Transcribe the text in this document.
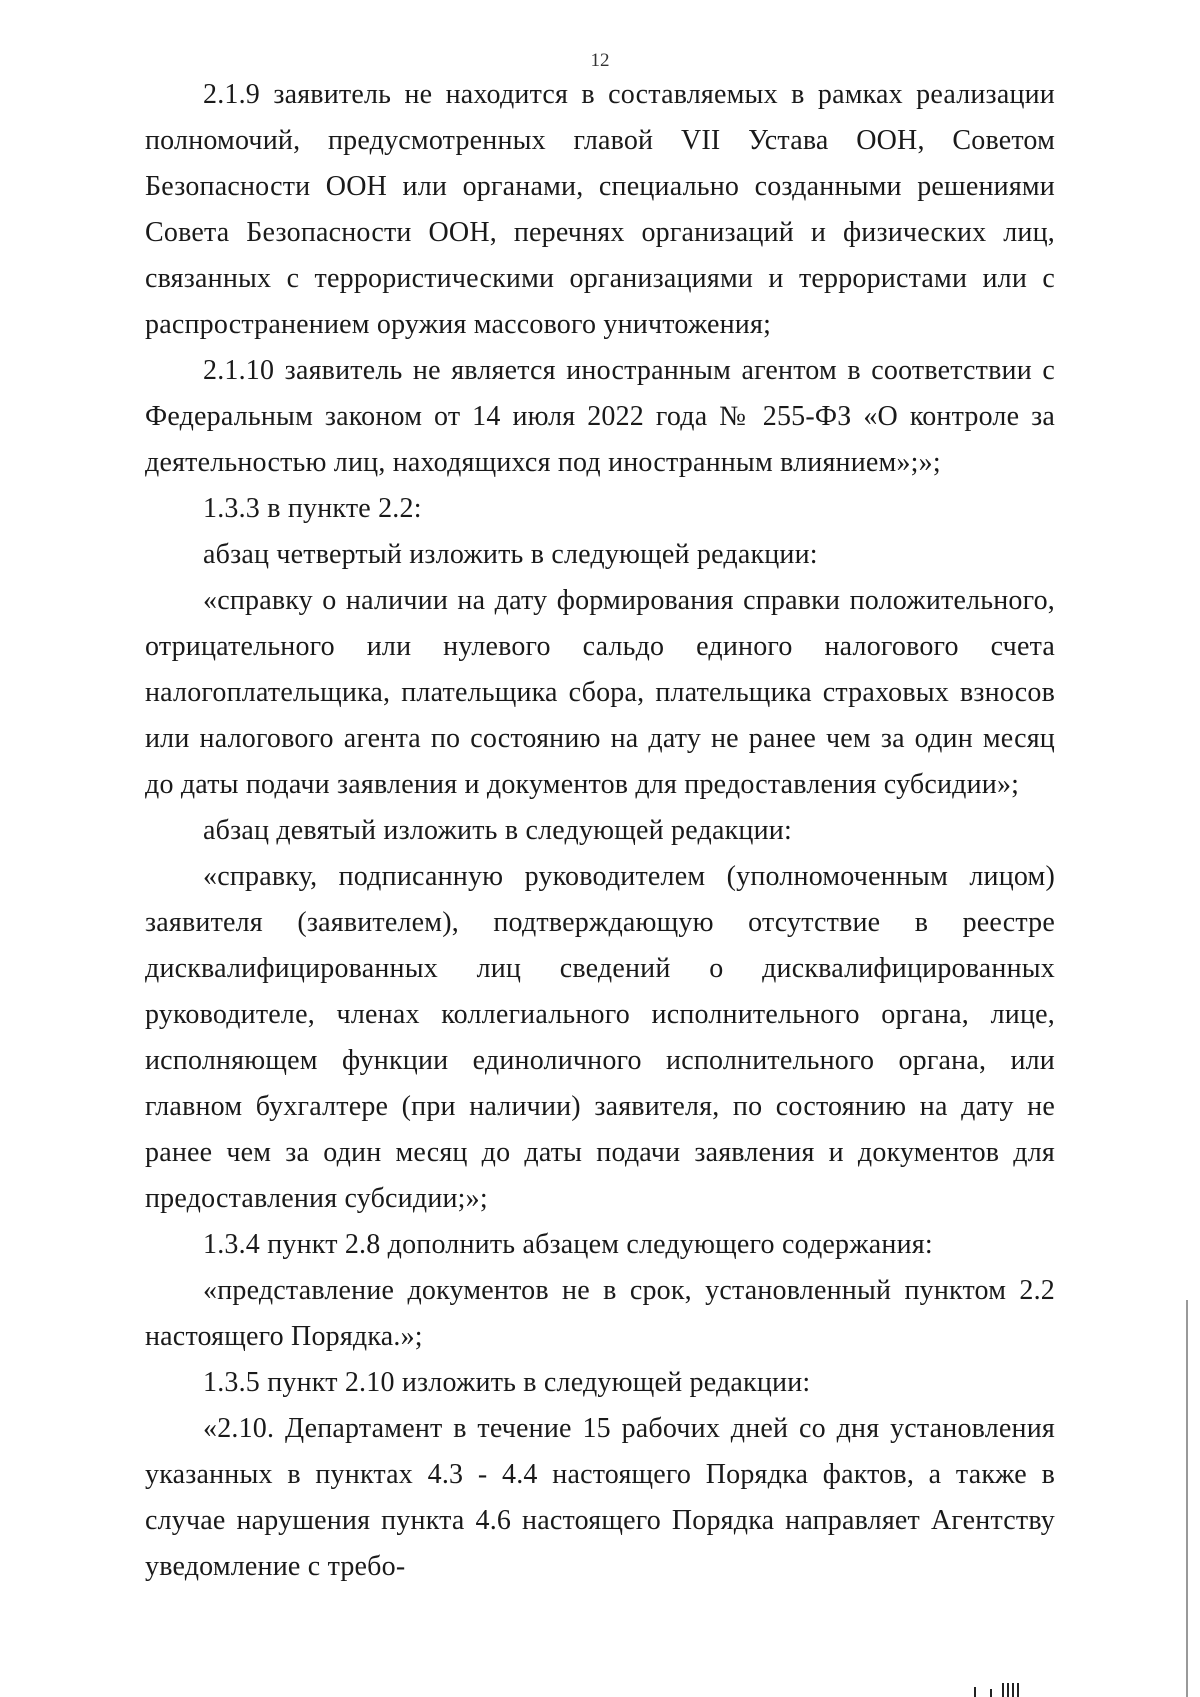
12

2.1.9 заявитель не находится в составляемых в рамках реализации полномочий, предусмотренных главой VII Устава ООН, Советом Безопасности ООН или органами, специально созданными решениями Совета Безопасности ООН, перечнях организаций и физических лиц, связанных с террористическими организациями и террористами или с распространением оружия массового уничтожения;

2.1.10 заявитель не является иностранным агентом в соответствии с Федеральным законом от 14 июля 2022 года № 255-ФЗ «О контроле за деятельностью лиц, находящихся под иностранным влиянием»;»;

1.3.3 в пункте 2.2:

абзац четвертый изложить в следующей редакции:

«справку о наличии на дату формирования справки положительного, отрицательного или нулевого сальдо единого налогового счета налогоплательщика, плательщика сбора, плательщика страховых взносов или налогового агента по состоянию на дату не ранее чем за один месяц до даты подачи заявления и документов для предоставления субсидии»;

абзац девятый изложить в следующей редакции:

«справку, подписанную руководителем (уполномоченным лицом) заявителя (заявителем), подтверждающую отсутствие в реестре дисквалифицированных лиц сведений о дисквалифицированных руководителе, членах коллегиального исполнительного органа, лице, исполняющем функции единоличного исполнительного органа, или главном бухгалтере (при наличии) заявителя, по состоянию на дату не ранее чем за один месяц до даты подачи заявления и документов для предоставления субсидии;»;

1.3.4 пункт 2.8 дополнить абзацем следующего содержания:

«представление документов не в срок, установленный пунктом 2.2 настоящего Порядка.»;

1.3.5 пункт 2.10 изложить в следующей редакции:

«2.10. Департамент в течение 15 рабочих дней со дня установления указанных в пунктах 4.3 - 4.4 настоящего Порядка фактов, а также в случае нарушения пункта 4.6 настоящего Порядка направляет Агентству уведомление с требо-
